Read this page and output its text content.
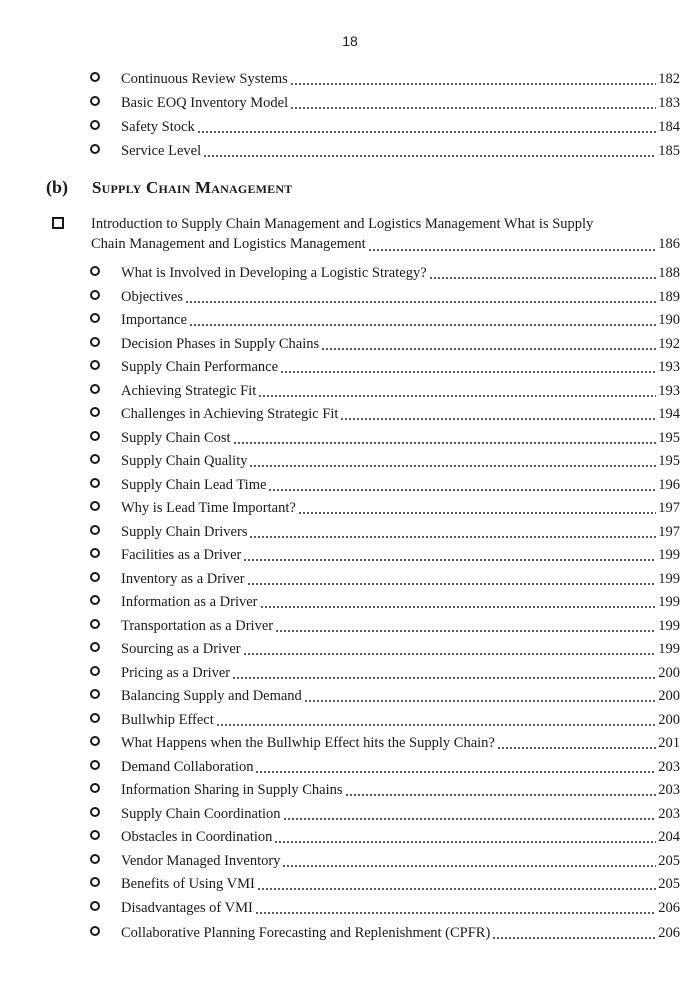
18
Continuous Review Systems	182
Basic EOQ Inventory Model	183
Safety Stock	184
Service Level	185
(b)	Supply Chain Management
Introduction to Supply Chain Management and Logistics Management What is Supply
Chain Management and Logistics Management	186
What is Involved in Developing a Logistic Strategy?	188
Objectives	189
Importance	190
Decision Phases in Supply Chains	192
Supply Chain Performance	193
Achieving Strategic Fit	193
Challenges in Achieving Strategic Fit	194
Supply Chain Cost	195
Supply Chain Quality	195
Supply Chain Lead Time	196
Why is Lead Time Important?	197
Supply Chain Drivers	197
Facilities as a Driver	199
Inventory as a Driver	199
Information as a Driver	199
Transportation as a Driver	199
Sourcing as a Driver	199
Pricing as a Driver	200
Balancing Supply and Demand	200
Bullwhip Effect	200
What Happens when the Bullwhip Effect hits the Supply Chain?	201
Demand Collaboration	203
Information Sharing in Supply Chains	203
Supply Chain Coordination	203
Obstacles in Coordination	204
Vendor Managed Inventory	205
Benefits of Using VMI	205
Disadvantages of VMI	206
Collaborative Planning Forecasting and Replenishment (CPFR)	206
